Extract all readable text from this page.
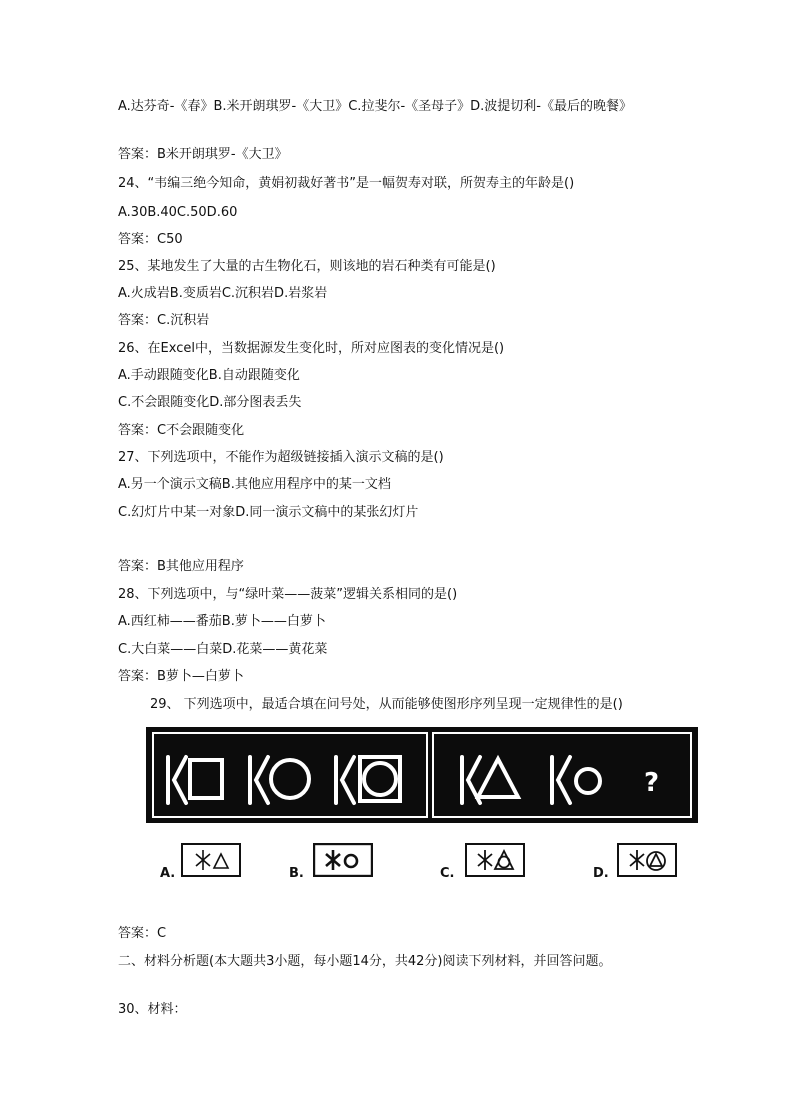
A.达芬奇-《春》B.米开朗琪罗-《大卫》C.拉斐尔-《圣母子》D.波提切利-《最后的晚餐》
答案：B米开朗琪罗-《大卫》
24、“韦编三绝今知命，黄娟初裁好著书”是一幅贺寿对联，所贺寿主的年龄是()
A.30B.40C.50D.60
答案：C50
25、某地发生了大量的古生物化石，则该地的岩石种类有可能是()
A.火成岩B.变质岩C.沉积岩D.岩浆岩
答案：C.沉积岩
26、在Excel中，当数据源发生变化时，所对应图表的变化情况是()
A.手动跟随变化B.自动跟随变化
C.不会跟随变化D.部分图表丢失
答案：C不会跟随变化
27、下列选项中，不能作为超级链接插入演示文稿的是()
A.另一个演示文稿B.其他应用程序中的某一文档
C.幻灯片中某一对象D.同一演示文稿中的某张幻灯片
答案：B其他应用程序
28、下列选项中，与“绿叶菜——菠菜”逻辑关系相同的是()
A.西红柿——番茄B.萝卜——白萝卜
C.大白菜——白菜D.花菜——黄花菜
答案：B萝卜—白萝卜
29、 下列选项中，最适合填在问号处，从而能够使图形序列呈现一定规律性的是()
?
A.	B.	C.	D.
答案：C
二、材料分析题(本大题共3小题，每小题14分，共42分)阅读下列材料，并回答问题。
30、材料：
